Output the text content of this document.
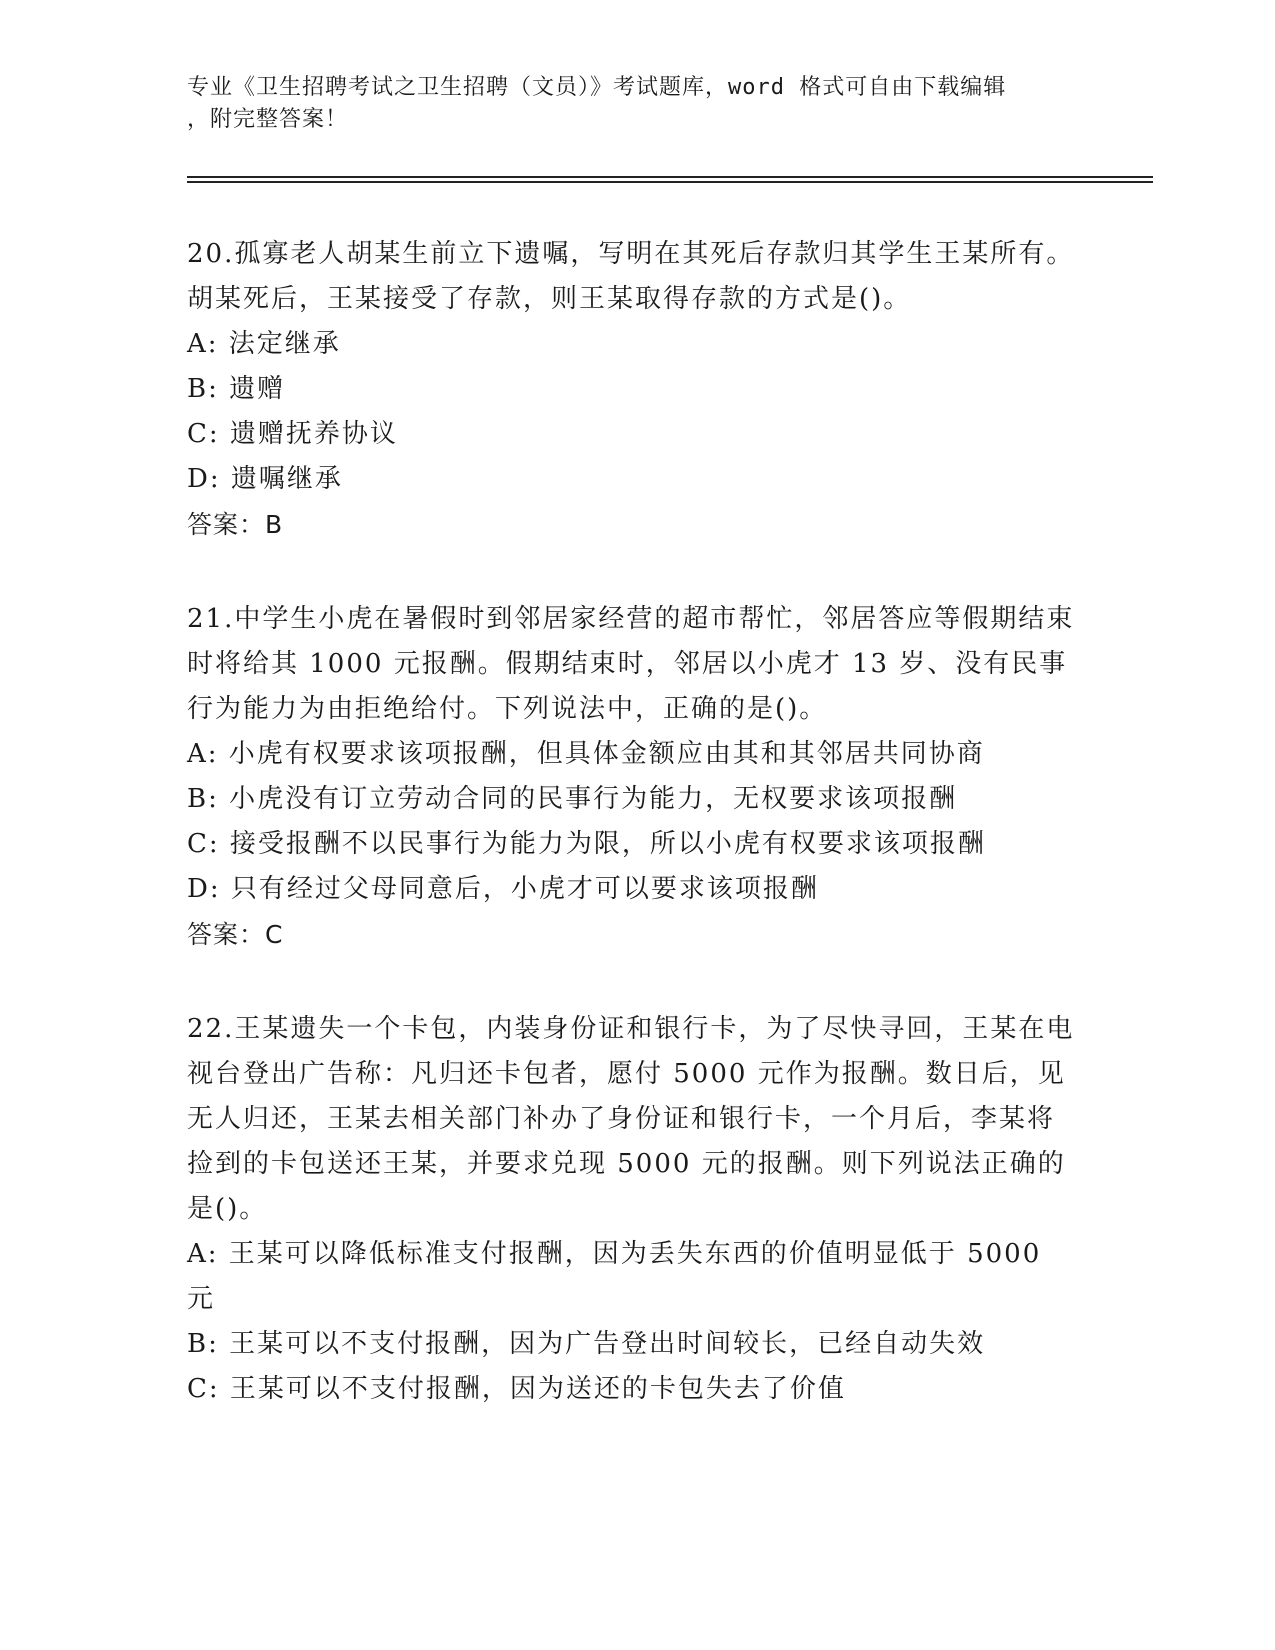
专业《卫生招聘考试之卫生招聘（文员）》考试题库，word 格式可自由下载编辑
，附完整答案！
20.孤寡老人胡某生前立下遗嘱，写明在其死后存款归其学生王某所有。胡某死后，王某接受了存款，则王某取得存款的方式是()。
A: 法定继承
B: 遗赠
C: 遗赠抚养协议
D: 遗嘱继承
答案：B
21.中学生小虎在暑假时到邻居家经营的超市帮忙，邻居答应等假期结束时将给其 1000 元报酬。假期结束时，邻居以小虎才 13 岁、没有民事行为能力为由拒绝给付。下列说法中，正确的是()。
A: 小虎有权要求该项报酬，但具体金额应由其和其邻居共同协商
B: 小虎没有订立劳动合同的民事行为能力，无权要求该项报酬
C: 接受报酬不以民事行为能力为限，所以小虎有权要求该项报酬
D: 只有经过父母同意后，小虎才可以要求该项报酬
答案：C
22.王某遗失一个卡包，内装身份证和银行卡，为了尽快寻回，王某在电视台登出广告称：凡归还卡包者，愿付 5000 元作为报酬。数日后，见无人归还，王某去相关部门补办了身份证和银行卡，一个月后，李某将捡到的卡包送还王某，并要求兑现 5000 元的报酬。则下列说法正确的是()。
A: 王某可以降低标准支付报酬，因为丢失东西的价值明显低于 5000 元
B: 王某可以不支付报酬，因为广告登出时间较长，已经自动失效
C: 王某可以不支付报酬，因为送还的卡包失去了价值
